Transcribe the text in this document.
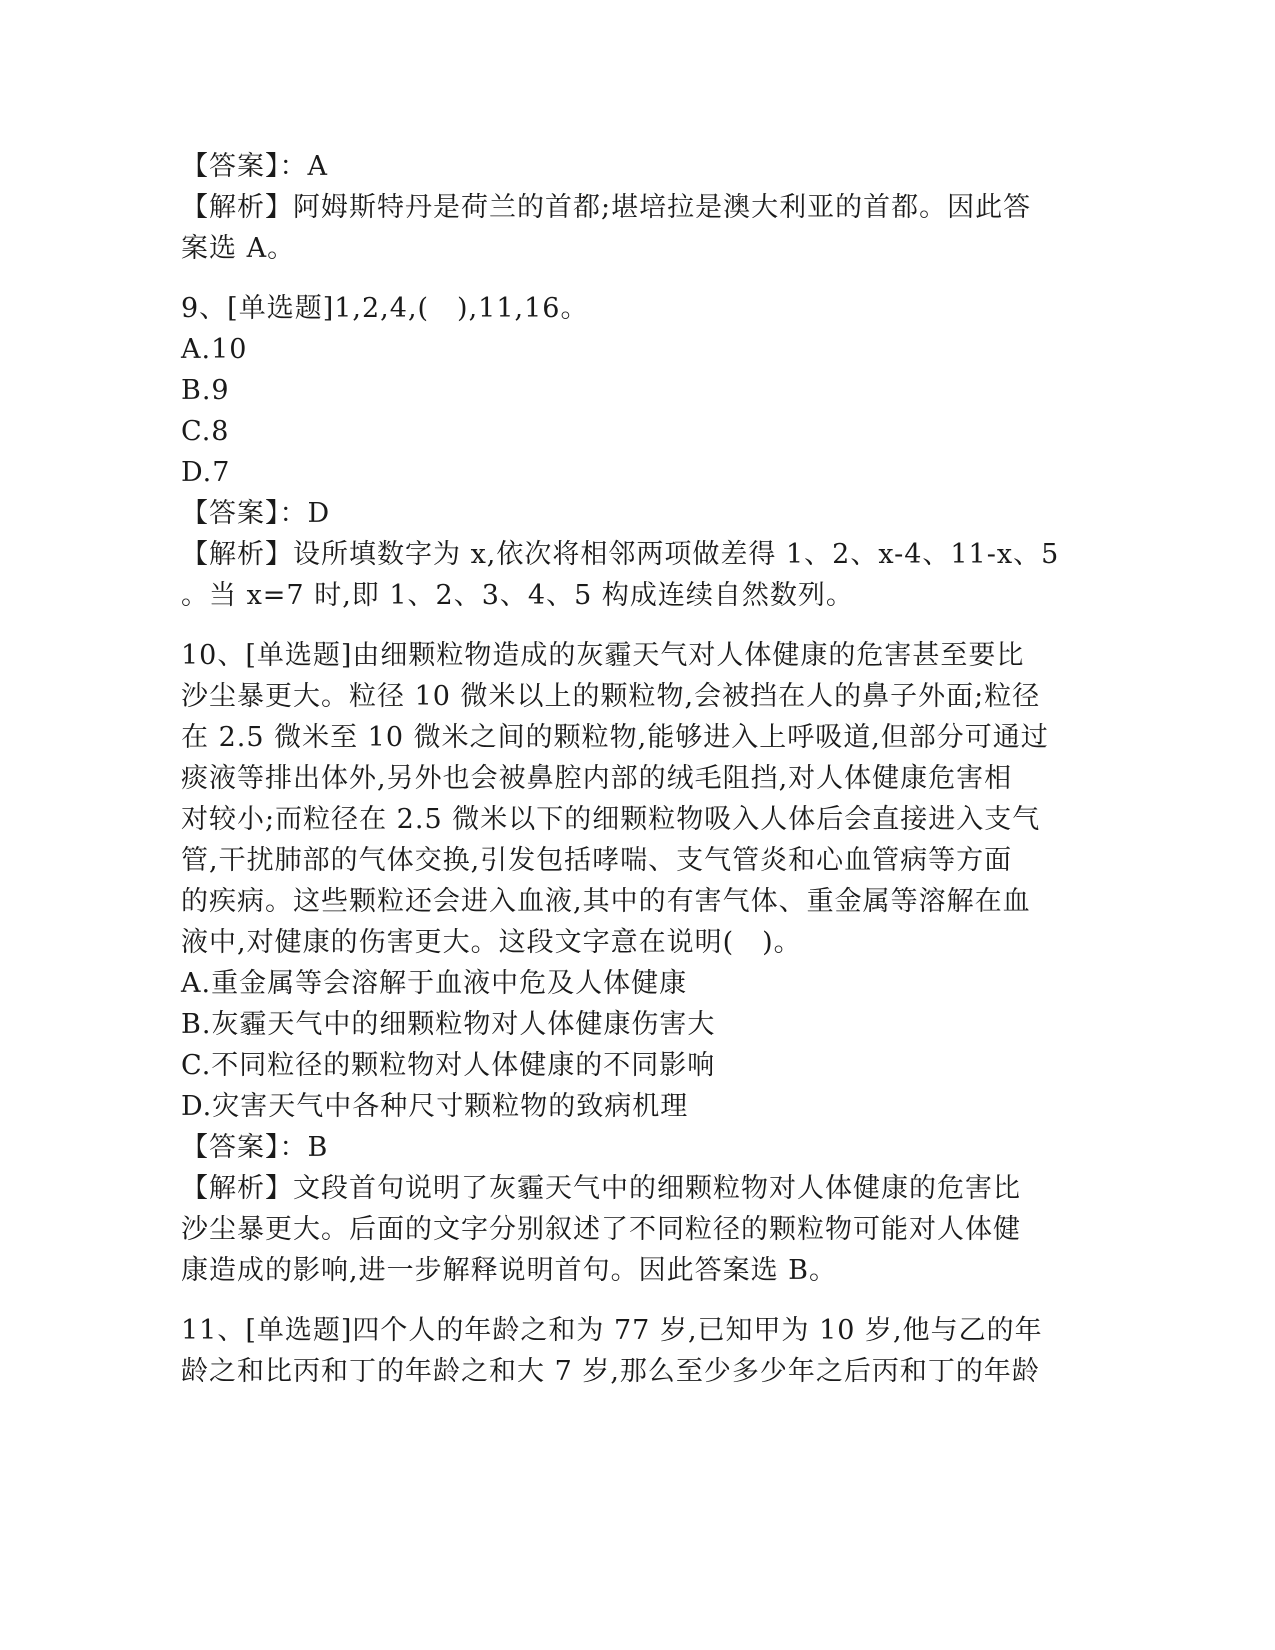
【答案】：A
【解析】阿姆斯特丹是荷兰的首都;堪培拉是澳大利亚的首都。因此答
案选 A。
9、[单选题]1,2,4,(　),11,16。
A.10
B.9
C.8
D.7
【答案】：D
【解析】设所填数字为 x,依次将相邻两项做差得 1、2、x-4、11-x、5
。当 x=7 时,即 1、2、3、4、5 构成连续自然数列。
10、[单选题]由细颗粒物造成的灰霾天气对人体健康的危害甚至要比
沙尘暴更大。粒径 10 微米以上的颗粒物,会被挡在人的鼻子外面;粒径
在 2.5 微米至 10 微米之间的颗粒物,能够进入上呼吸道,但部分可通过
痰液等排出体外,另外也会被鼻腔内部的绒毛阻挡,对人体健康危害相
对较小;而粒径在 2.5 微米以下的细颗粒物吸入人体后会直接进入支气
管,干扰肺部的气体交换,引发包括哮喘、支气管炎和心血管病等方面
的疾病。这些颗粒还会进入血液,其中的有害气体、重金属等溶解在血
液中,对健康的伤害更大。这段文字意在说明(　)。
A.重金属等会溶解于血液中危及人体健康
B.灰霾天气中的细颗粒物对人体健康伤害大
C.不同粒径的颗粒物对人体健康的不同影响
D.灾害天气中各种尺寸颗粒物的致病机理
【答案】：B
【解析】文段首句说明了灰霾天气中的细颗粒物对人体健康的危害比
沙尘暴更大。后面的文字分别叙述了不同粒径的颗粒物可能对人体健
康造成的影响,进一步解释说明首句。因此答案选 B。
11、[单选题]四个人的年龄之和为 77 岁,已知甲为 10 岁,他与乙的年
龄之和比丙和丁的年龄之和大 7 岁,那么至少多少年之后丙和丁的年龄
